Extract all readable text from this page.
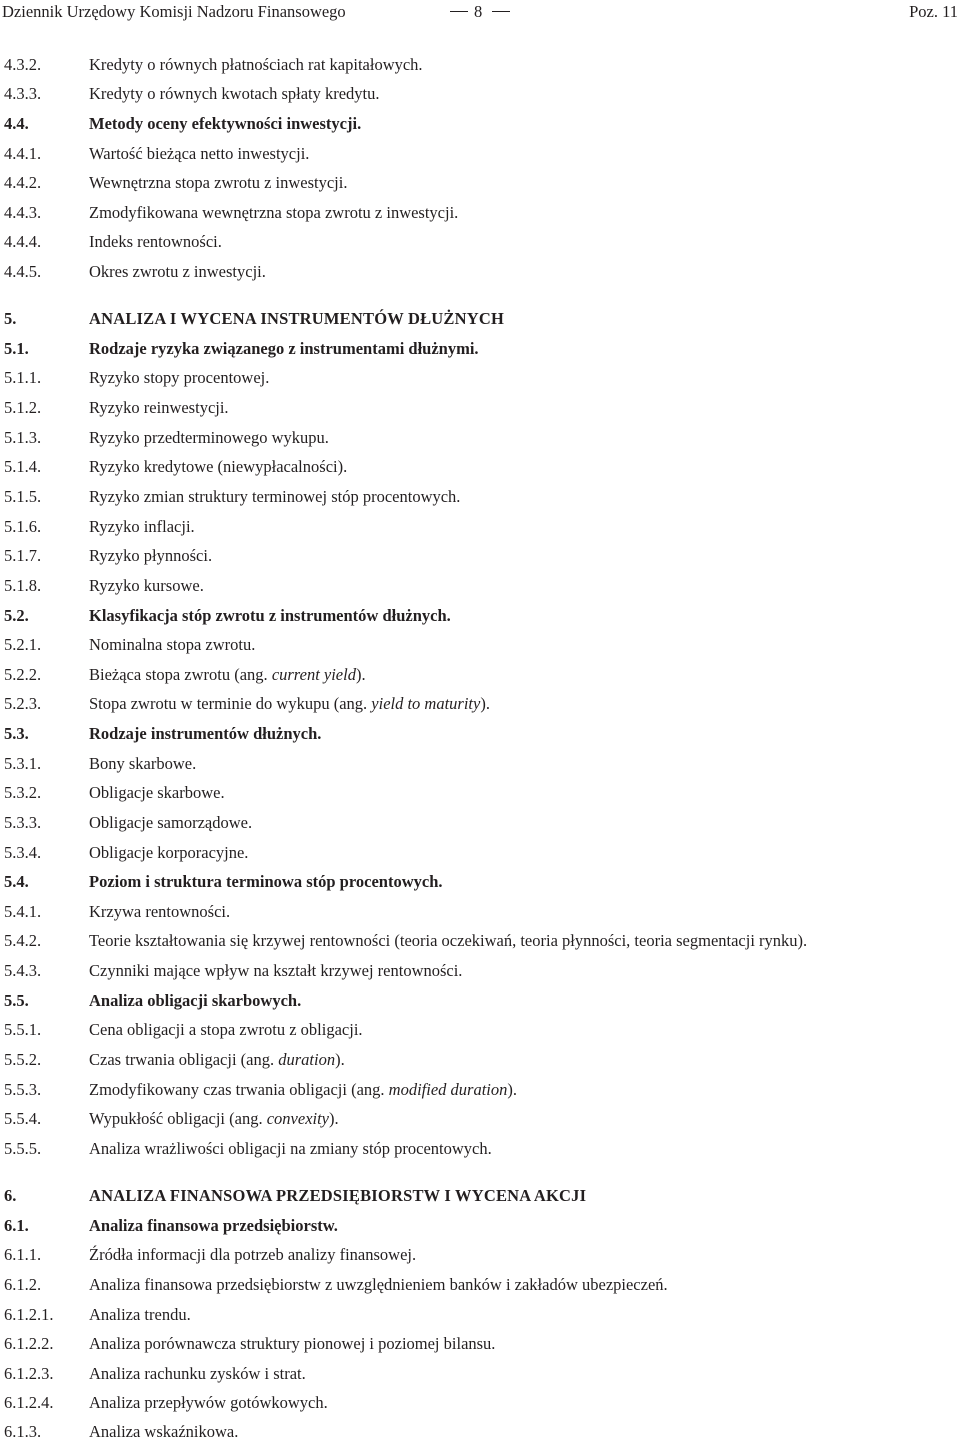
Dziennik Urzędowy Komisji Nadzoru Finansowego	8	Poz. 11
4.3.2.	Kredyty o równych płatnościach rat kapitałowych.
4.3.3.	Kredyty o równych kwotach spłaty kredytu.
4.4.	Metody oceny efektywności inwestycji.
4.4.1.	Wartość bieżąca netto inwestycji.
4.4.2.	Wewnętrzna stopa zwrotu z inwestycji.
4.4.3.	Zmodyfikowana wewnętrzna stopa zwrotu z inwestycji.
4.4.4.	Indeks rentowności.
4.4.5.	Okres zwrotu z inwestycji.
5.	ANALIZA I WYCENA INSTRUMENTÓW DŁUŻNYCH
5.1.	Rodzaje ryzyka związanego z instrumentami dłużnymi.
5.1.1.	Ryzyko stopy procentowej.
5.1.2.	Ryzyko reinwestycji.
5.1.3.	Ryzyko przedterminowego wykupu.
5.1.4.	Ryzyko kredytowe (niewypłacalności).
5.1.5.	Ryzyko zmian struktury terminowej stóp procentowych.
5.1.6.	Ryzyko inflacji.
5.1.7.	Ryzyko płynności.
5.1.8.	Ryzyko kursowe.
5.2.	Klasyfikacja stóp zwrotu z instrumentów dłużnych.
5.2.1.	Nominalna stopa zwrotu.
5.2.2.	Bieżąca stopa zwrotu (ang. current yield).
5.2.3.	Stopa zwrotu w terminie do wykupu (ang. yield to maturity).
5.3.	Rodzaje instrumentów dłużnych.
5.3.1.	Bony skarbowe.
5.3.2.	Obligacje skarbowe.
5.3.3.	Obligacje samorządowe.
5.3.4.	Obligacje korporacyjne.
5.4.	Poziom i struktura terminowa stóp procentowych.
5.4.1.	Krzywa rentowności.
5.4.2.	Teorie kształtowania się krzywej rentowności (teoria oczekiwań, teoria płynności, teoria segmentacji rynku).
5.4.3.	Czynniki mające wpływ na kształt krzywej rentowności.
5.5.	Analiza obligacji skarbowych.
5.5.1.	Cena obligacji a stopa zwrotu z obligacji.
5.5.2.	Czas trwania obligacji (ang. duration).
5.5.3.	Zmodyfikowany czas trwania obligacji (ang. modified duration).
5.5.4.	Wypukłość obligacji (ang. convexity).
5.5.5.	Analiza wrażliwości obligacji na zmiany stóp procentowych.
6.	ANALIZA FINANSOWA PRZEDSIĘBIORSTW I WYCENA AKCJI
6.1.	Analiza finansowa przedsiębiorstw.
6.1.1.	Źródła informacji dla potrzeb analizy finansowej.
6.1.2.	Analiza finansowa przedsiębiorstw z uwzględnieniem banków i zakładów ubezpieczeń.
6.1.2.1. Analiza trendu.
6.1.2.2. Analiza porównawcza struktury pionowej i poziomej bilansu.
6.1.2.3. Analiza rachunku zysków i strat.
6.1.2.4. Analiza przepływów gotówkowych.
6.1.3.	Analiza wskaźnikowa.
